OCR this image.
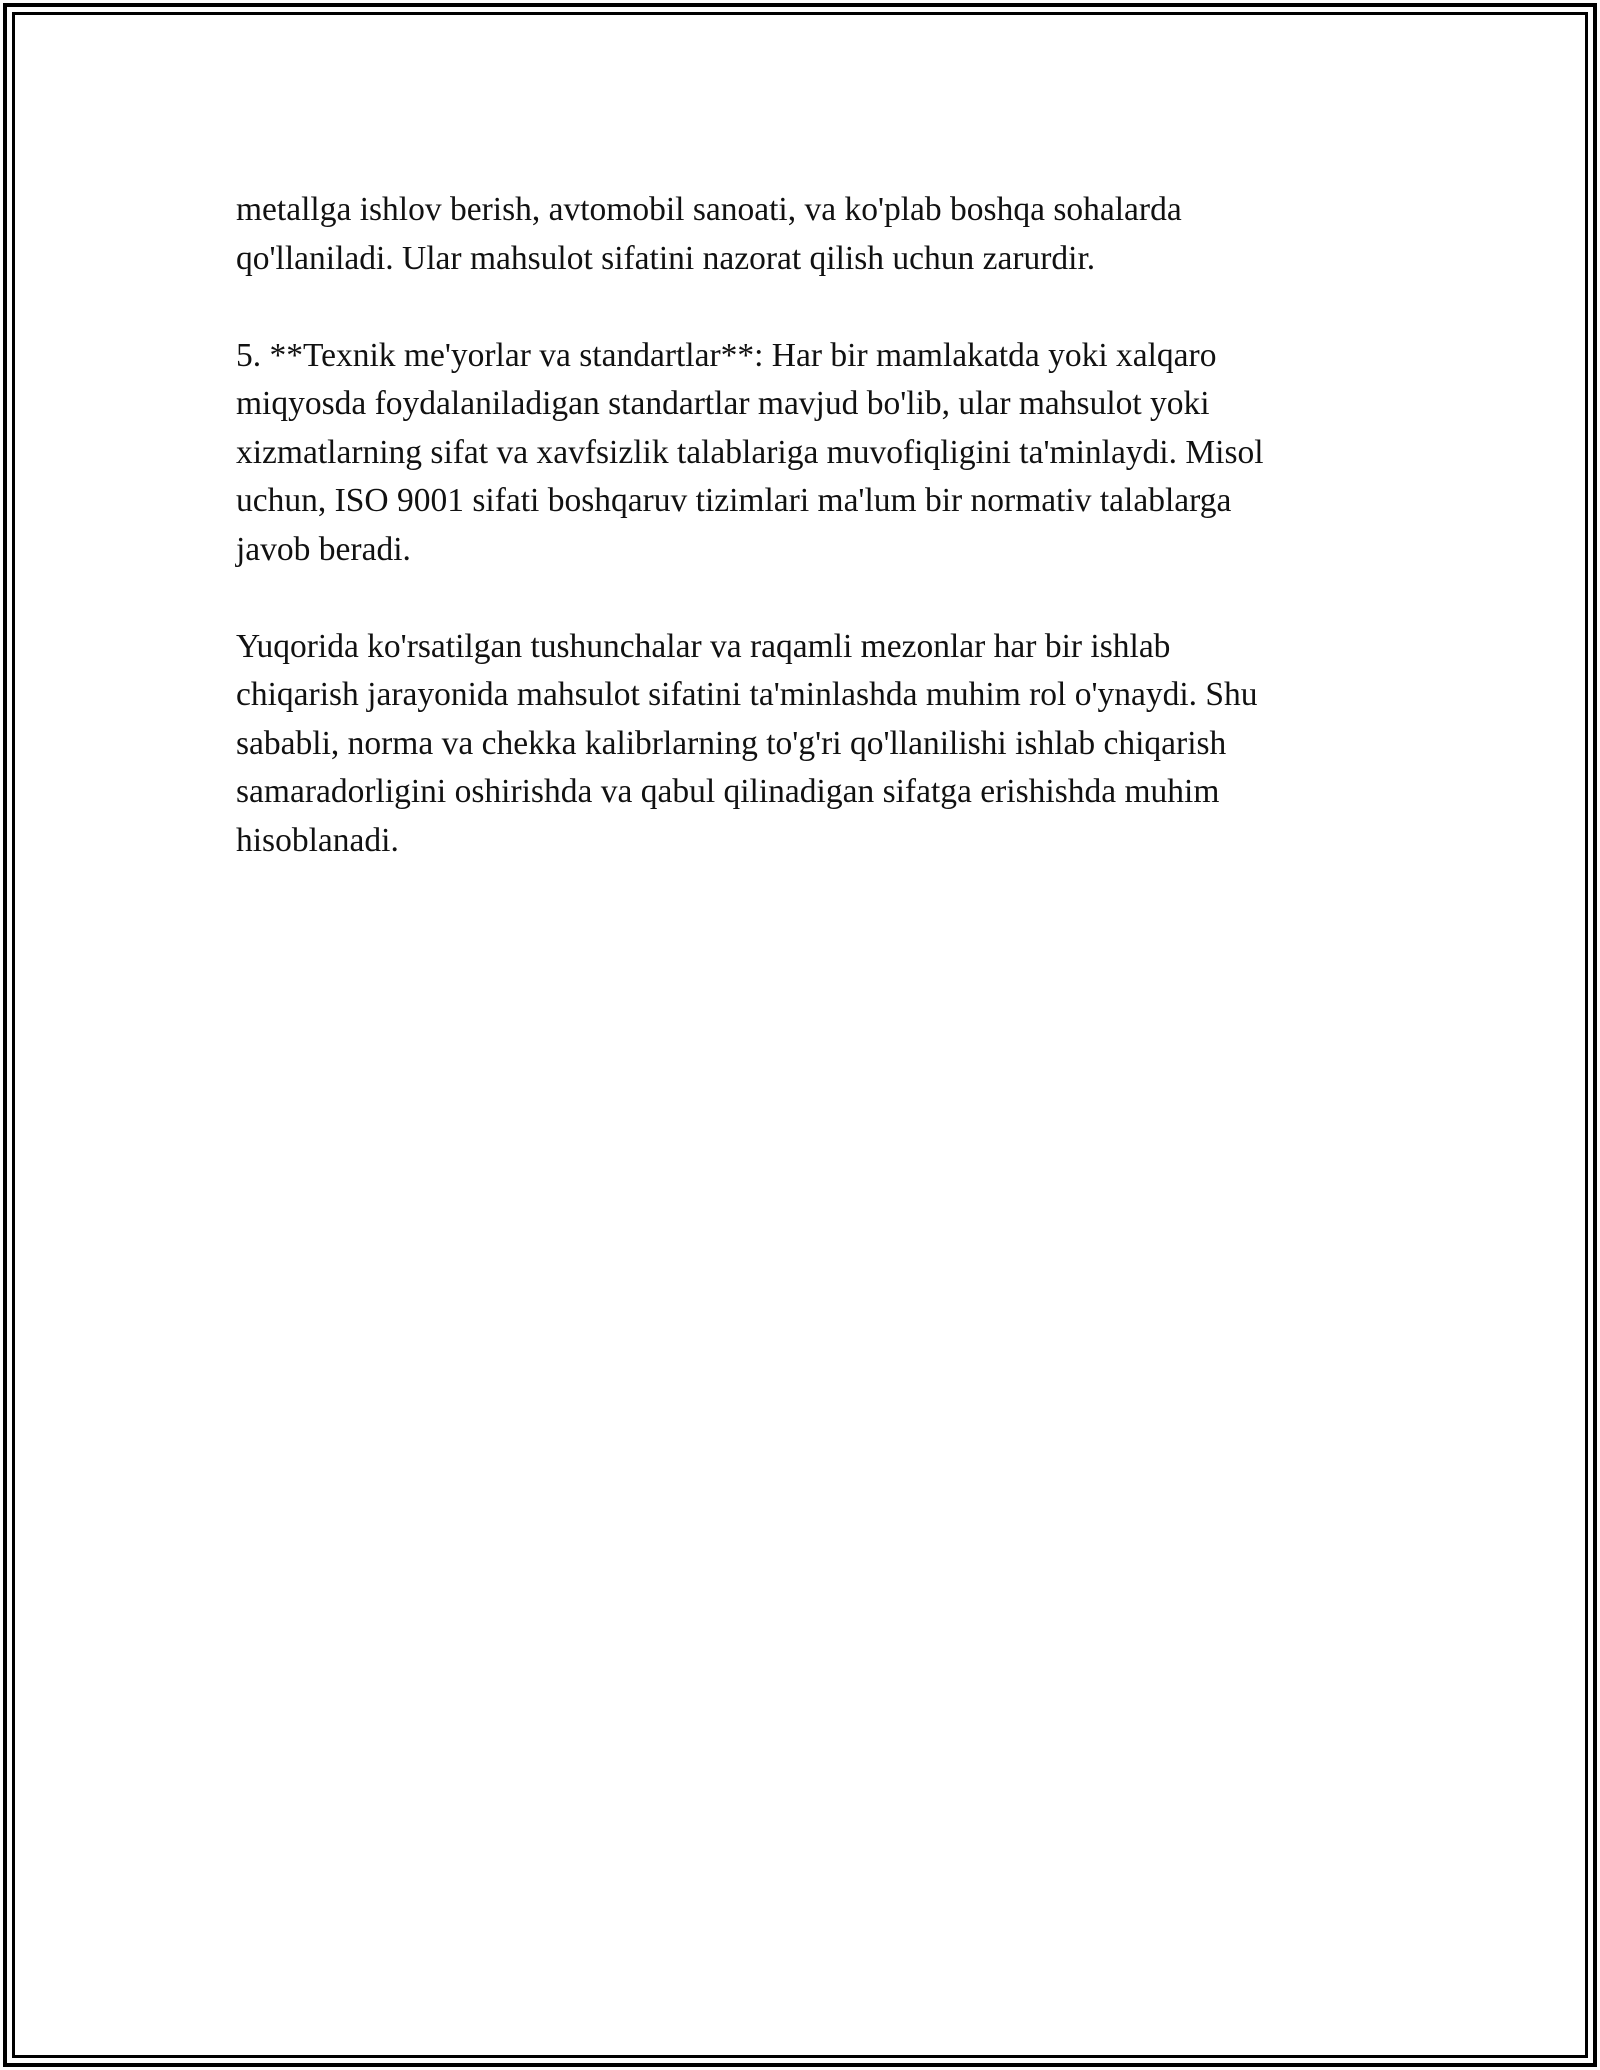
metallga ishlov berish, avtomobil sanoati, va ko'plab boshqa sohalarda
qo'llaniladi. Ular mahsulot sifatini nazorat qilish uchun zarurdir.

5. **Texnik me'yorlar va standartlar**: Har bir mamlakatda yoki xalqaro
miqyosda foydalaniladigan standartlar mavjud bo'lib, ular mahsulot yoki
xizmatlarning sifat va xavfsizlik talablariga muvofiqligini ta'minlaydi. Misol
uchun, ISO 9001 sifati boshqaruv tizimlari ma'lum bir normativ talablarga
javob beradi.

Yuqorida ko'rsatilgan tushunchalar va raqamli mezonlar har bir ishlab
chiqarish jarayonida mahsulot sifatini ta'minlashda muhim rol o'ynaydi. Shu
sababli, norma va chekka kalibrlarning to'g'ri qo'llanilishi ishlab chiqarish
samaradorligini oshirishda va qabul qilinadigan sifatga erishishda muhim
hisoblanadi.
